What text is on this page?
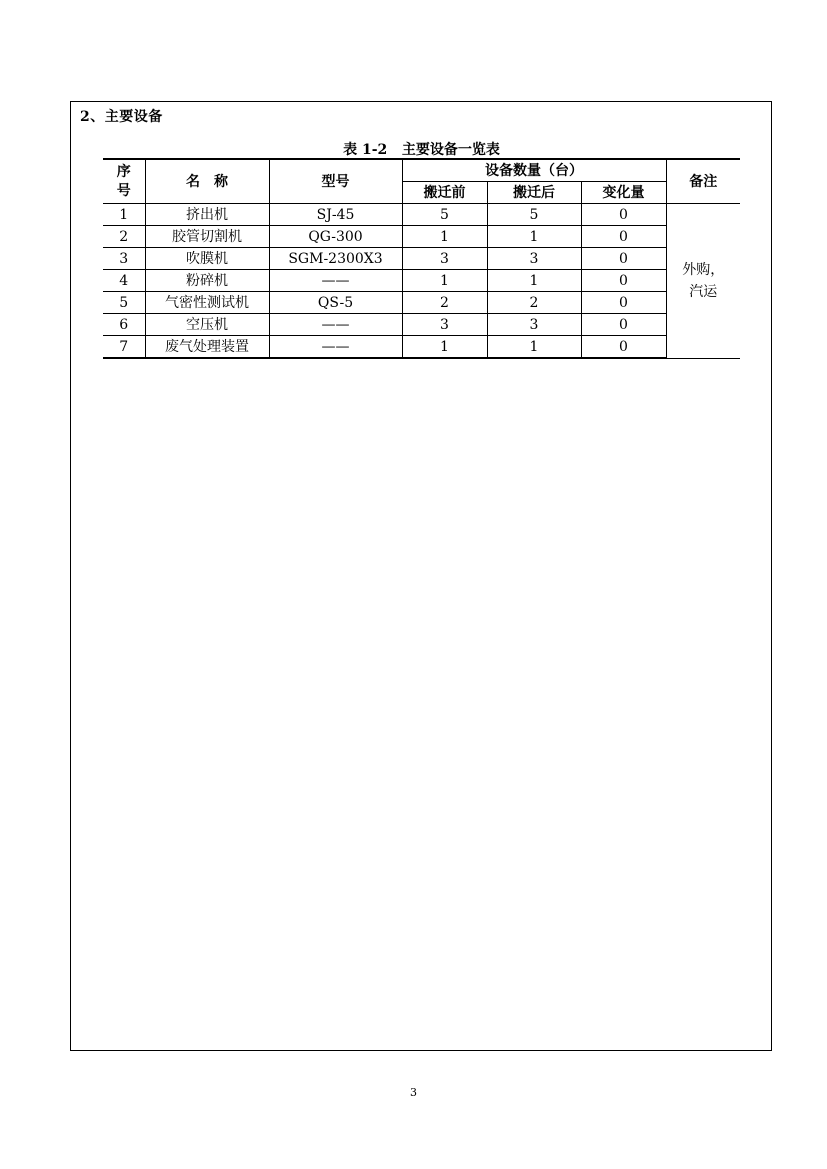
2、主要设备
表 1-2 主要设备一览表
序号	名　称	型号	设备数量（台）			备注
			搬迁前	搬迁后	变化量	
1	挤出机	SJ-45	5	5	0	外购，
汽运

2	胶管切割机	QG-300	1	1	0	
3	吹膜机	SGM-2300X3	3	3	0	
4	粉碎机	——	1	1	0	
5	气密性测试机	QS-5	2	2	0	
6	空压机	——	3	3	0	
7	废气处理装置	——	1	1	0	
3
